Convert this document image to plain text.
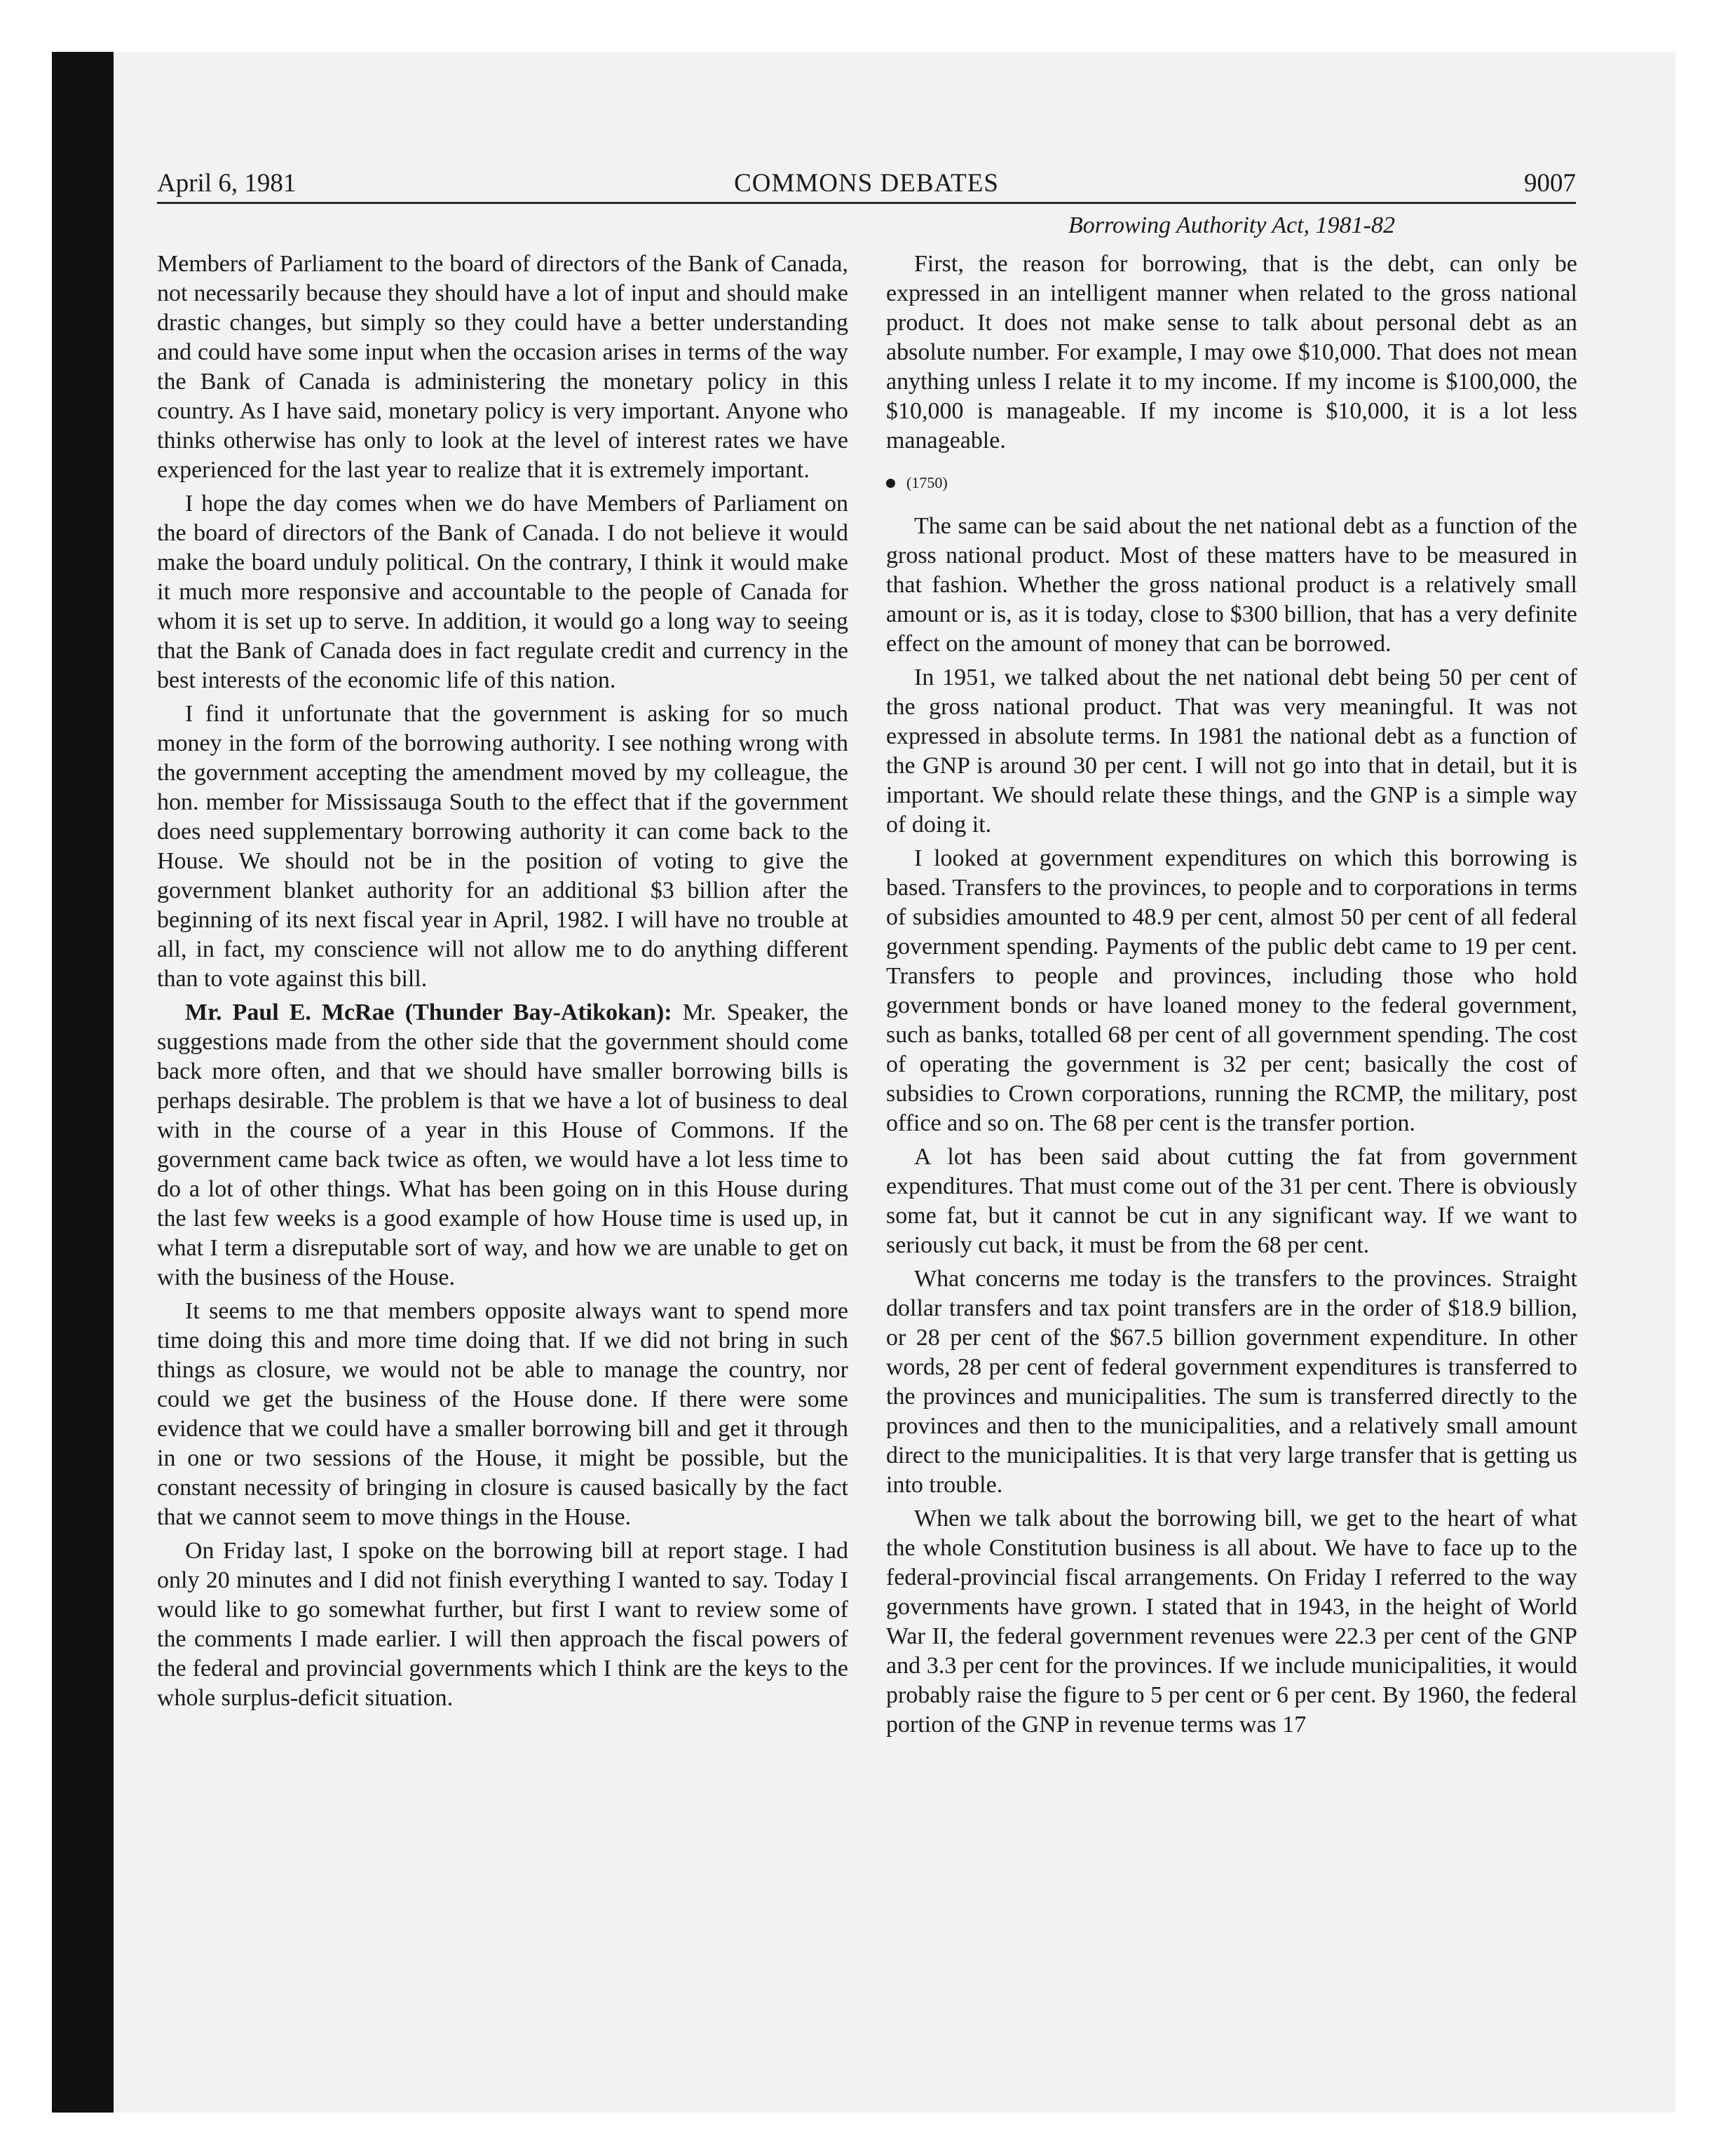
April 6, 1981	COMMONS DEBATES	9007
Borrowing Authority Act, 1981-82

Members of Parliament to the board of directors of the Bank of Canada, not necessarily because they should have a lot of input and should make drastic changes, but simply so they could have a better understanding and could have some input when the occasion arises in terms of the way the Bank of Canada is administering the monetary policy in this country. As I have said, monetary policy is very important. Anyone who thinks otherwise has only to look at the level of interest rates we have experienced for the last year to realize that it is extremely important.

I hope the day comes when we do have Members of Parliament on the board of directors of the Bank of Canada. I do not believe it would make the board unduly political. On the contrary, I think it would make it much more responsive and accountable to the people of Canada for whom it is set up to serve. In addition, it would go a long way to seeing that the Bank of Canada does in fact regulate credit and currency in the best interests of the economic life of this nation.

I find it unfortunate that the government is asking for so much money in the form of the borrowing authority. I see nothing wrong with the government accepting the amendment moved by my colleague, the hon. member for Mississauga South to the effect that if the government does need supplementary borrowing authority it can come back to the House. We should not be in the position of voting to give the government blanket authority for an additional $3 billion after the beginning of its next fiscal year in April, 1982. I will have no trouble at all, in fact, my conscience will not allow me to do anything different than to vote against this bill.

Mr. Paul E. McRae (Thunder Bay-Atikokan): Mr. Speaker, the suggestions made from the other side that the government should come back more often, and that we should have smaller borrowing bills is perhaps desirable. The problem is that we have a lot of business to deal with in the course of a year in this House of Commons. If the government came back twice as often, we would have a lot less time to do a lot of other things. What has been going on in this House during the last few weeks is a good example of how House time is used up, in what I term a disreputable sort of way, and how we are unable to get on with the business of the House.

It seems to me that members opposite always want to spend more time doing this and more time doing that. If we did not bring in such things as closure, we would not be able to manage the country, nor could we get the business of the House done. If there were some evidence that we could have a smaller borrowing bill and get it through in one or two sessions of the House, it might be possible, but the constant necessity of bringing in closure is caused basically by the fact that we cannot seem to move things in the House.

On Friday last, I spoke on the borrowing bill at report stage. I had only 20 minutes and I did not finish everything I wanted to say. Today I would like to go somewhat further, but first I want to review some of the comments I made earlier. I will then approach the fiscal powers of the federal and provincial governments which I think are the keys to the whole surplus-deficit situation.

First, the reason for borrowing, that is the debt, can only be expressed in an intelligent manner when related to the gross national product. It does not make sense to talk about personal debt as an absolute number. For example, I may owe $10,000. That does not mean anything unless I relate it to my income. If my income is $100,000, the $10,000 is manageable. If my income is $10,000, it is a lot less manageable.

(1750)

The same can be said about the net national debt as a function of the gross national product. Most of these matters have to be measured in that fashion. Whether the gross national product is a relatively small amount or is, as it is today, close to $300 billion, that has a very definite effect on the amount of money that can be borrowed.

In 1951, we talked about the net national debt being 50 per cent of the gross national product. That was very meaningful. It was not expressed in absolute terms. In 1981 the national debt as a function of the GNP is around 30 per cent. I will not go into that in detail, but it is important. We should relate these things, and the GNP is a simple way of doing it.

I looked at government expenditures on which this borrowing is based. Transfers to the provinces, to people and to corporations in terms of subsidies amounted to 48.9 per cent, almost 50 per cent of all federal government spending. Payments of the public debt came to 19 per cent. Transfers to people and provinces, including those who hold government bonds or have loaned money to the federal government, such as banks, totalled 68 per cent of all government spending. The cost of operating the government is 32 per cent; basically the cost of subsidies to Crown corporations, running the RCMP, the military, post office and so on. The 68 per cent is the transfer portion.

A lot has been said about cutting the fat from government expenditures. That must come out of the 31 per cent. There is obviously some fat, but it cannot be cut in any significant way. If we want to seriously cut back, it must be from the 68 per cent.

What concerns me today is the transfers to the provinces. Straight dollar transfers and tax point transfers are in the order of $18.9 billion, or 28 per cent of the $67.5 billion government expenditure. In other words, 28 per cent of federal government expenditures is transferred to the provinces and municipalities. The sum is transferred directly to the provinces and then to the municipalities, and a relatively small amount direct to the municipalities. It is that very large transfer that is getting us into trouble.

When we talk about the borrowing bill, we get to the heart of what the whole Constitution business is all about. We have to face up to the federal-provincial fiscal arrangements. On Friday I referred to the way governments have grown. I stated that in 1943, in the height of World War II, the federal government revenues were 22.3 per cent of the GNP and 3.3 per cent for the provinces. If we include municipalities, it would probably raise the figure to 5 per cent or 6 per cent. By 1960, the federal portion of the GNP in revenue terms was 17
